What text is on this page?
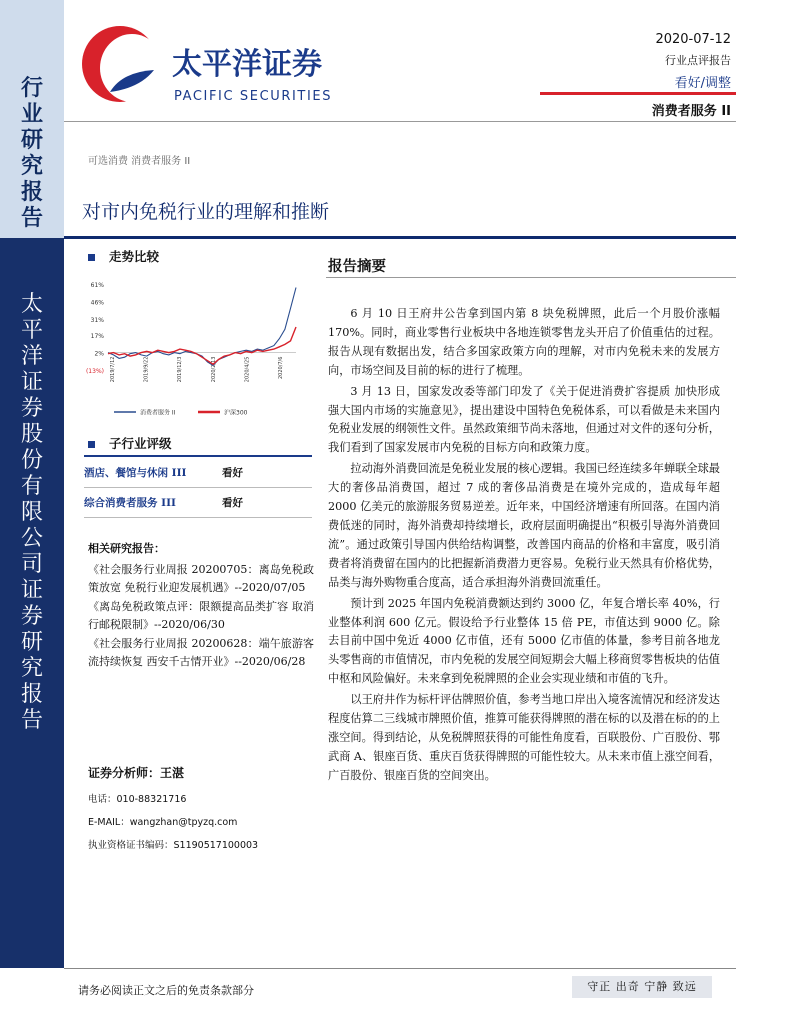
行业研究报告
太平洋证券股份有限公司证券研究报告
太平洋证券
PACIFIC SECURITIES
2020-07-12
行业点评报告
看好/调整
消费者服务 II
可选消费 消费者服务 II
对市内免税行业的理解和推断
走势比较
61%
46%
31%
17%
2%
(13%) 2019/7/12	2019/9/22	2019/12/3	2020/2/13	2020/4/25	2020/7/6
消费者服务 II	沪深300
子行业评级
酒店、餐馆与休闲 III	看好
综合消费者服务 III	看好
相关研究报告：

《社会服务行业周报 20200705：离岛免税政策放宽 免税行业迎发展机遇》--2020/07/05

《离岛免税政策点评：限额提高品类扩容 取消行邮税限制》--2020/06/30

《社会服务行业周报 20200628：端午旅游客流持续恢复 西安千古情开业》--2020/06/28

证券分析师：王湛
电话：010-88321716
E-MAIL：wangzhan@tpyzq.com
执业资格证书编码：S1190517100003
报告摘要

6 月 10 日王府井公告拿到国内第 8 块免税牌照，此后一个月股价涨幅 170%。同时，商业零售行业板块中各地连锁零售龙头开启了价值重估的过程。报告从现有数据出发，结合多国家政策方向的理解，对市内免税未来的发展方向，市场空间及目前的标的进行了梳理。

3 月 13 日，国家发改委等部门印发了《关于促进消费扩容提质 加快形成强大国内市场的实施意见》，提出建设中国特色免税体系，可以看做是未来国内免税业发展的纲领性文件。虽然政策细节尚未落地，但通过对文件的逐句分析，我们看到了国家发展市内免税的目标方向和政策力度。

拉动海外消费回流是免税业发展的核心逻辑。我国已经连续多年蝉联全球最大的奢侈品消费国，超过 7 成的奢侈品消费是在境外完成的，造成每年超 2000 亿美元的旅游服务贸易逆差。近年来，中国经济增速有所回落。在国内消费低迷的同时，海外消费却持续增长，政府层面明确提出“积极引导海外消费回流”。通过政策引导国内供给结构调整，改善国内商品的价格和丰富度，吸引消费者将消费留在国内的比把握新消费潜力更容易。免税行业天然具有价格优势，品类与海外购物重合度高，适合承担海外消费回流重任。

预计到 2025 年国内免税消费额达到约 3000 亿，年复合增长率 40%，行业整体利润 600 亿元。假设给予行业整体 15 倍 PE，市值达到 9000 亿。除去目前中国中免近 4000 亿市值，还有 5000 亿市值的体量，参考目前各地龙头零售商的市值情况，市内免税的发展空间短期会大幅上移商贸零售板块的估值中枢和风险偏好。未来拿到免税牌照的企业会实现业绩和市值的飞升。

以王府井作为标杆评估牌照价值，参考当地口岸出入境客流情况和经济发达程度估算二三线城市牌照价值，推算可能获得牌照的潜在标的以及潜在标的的上涨空间。得到结论，从免税牌照获得的可能性角度看，百联股份、广百股份、鄂武商 A、银座百货、重庆百货获得牌照的可能性较大。从未来市值上涨空间看，广百股份、银座百货的空间突出。

请务必阅读正文之后的免责条款部分	守正 出奇 宁静 致远
